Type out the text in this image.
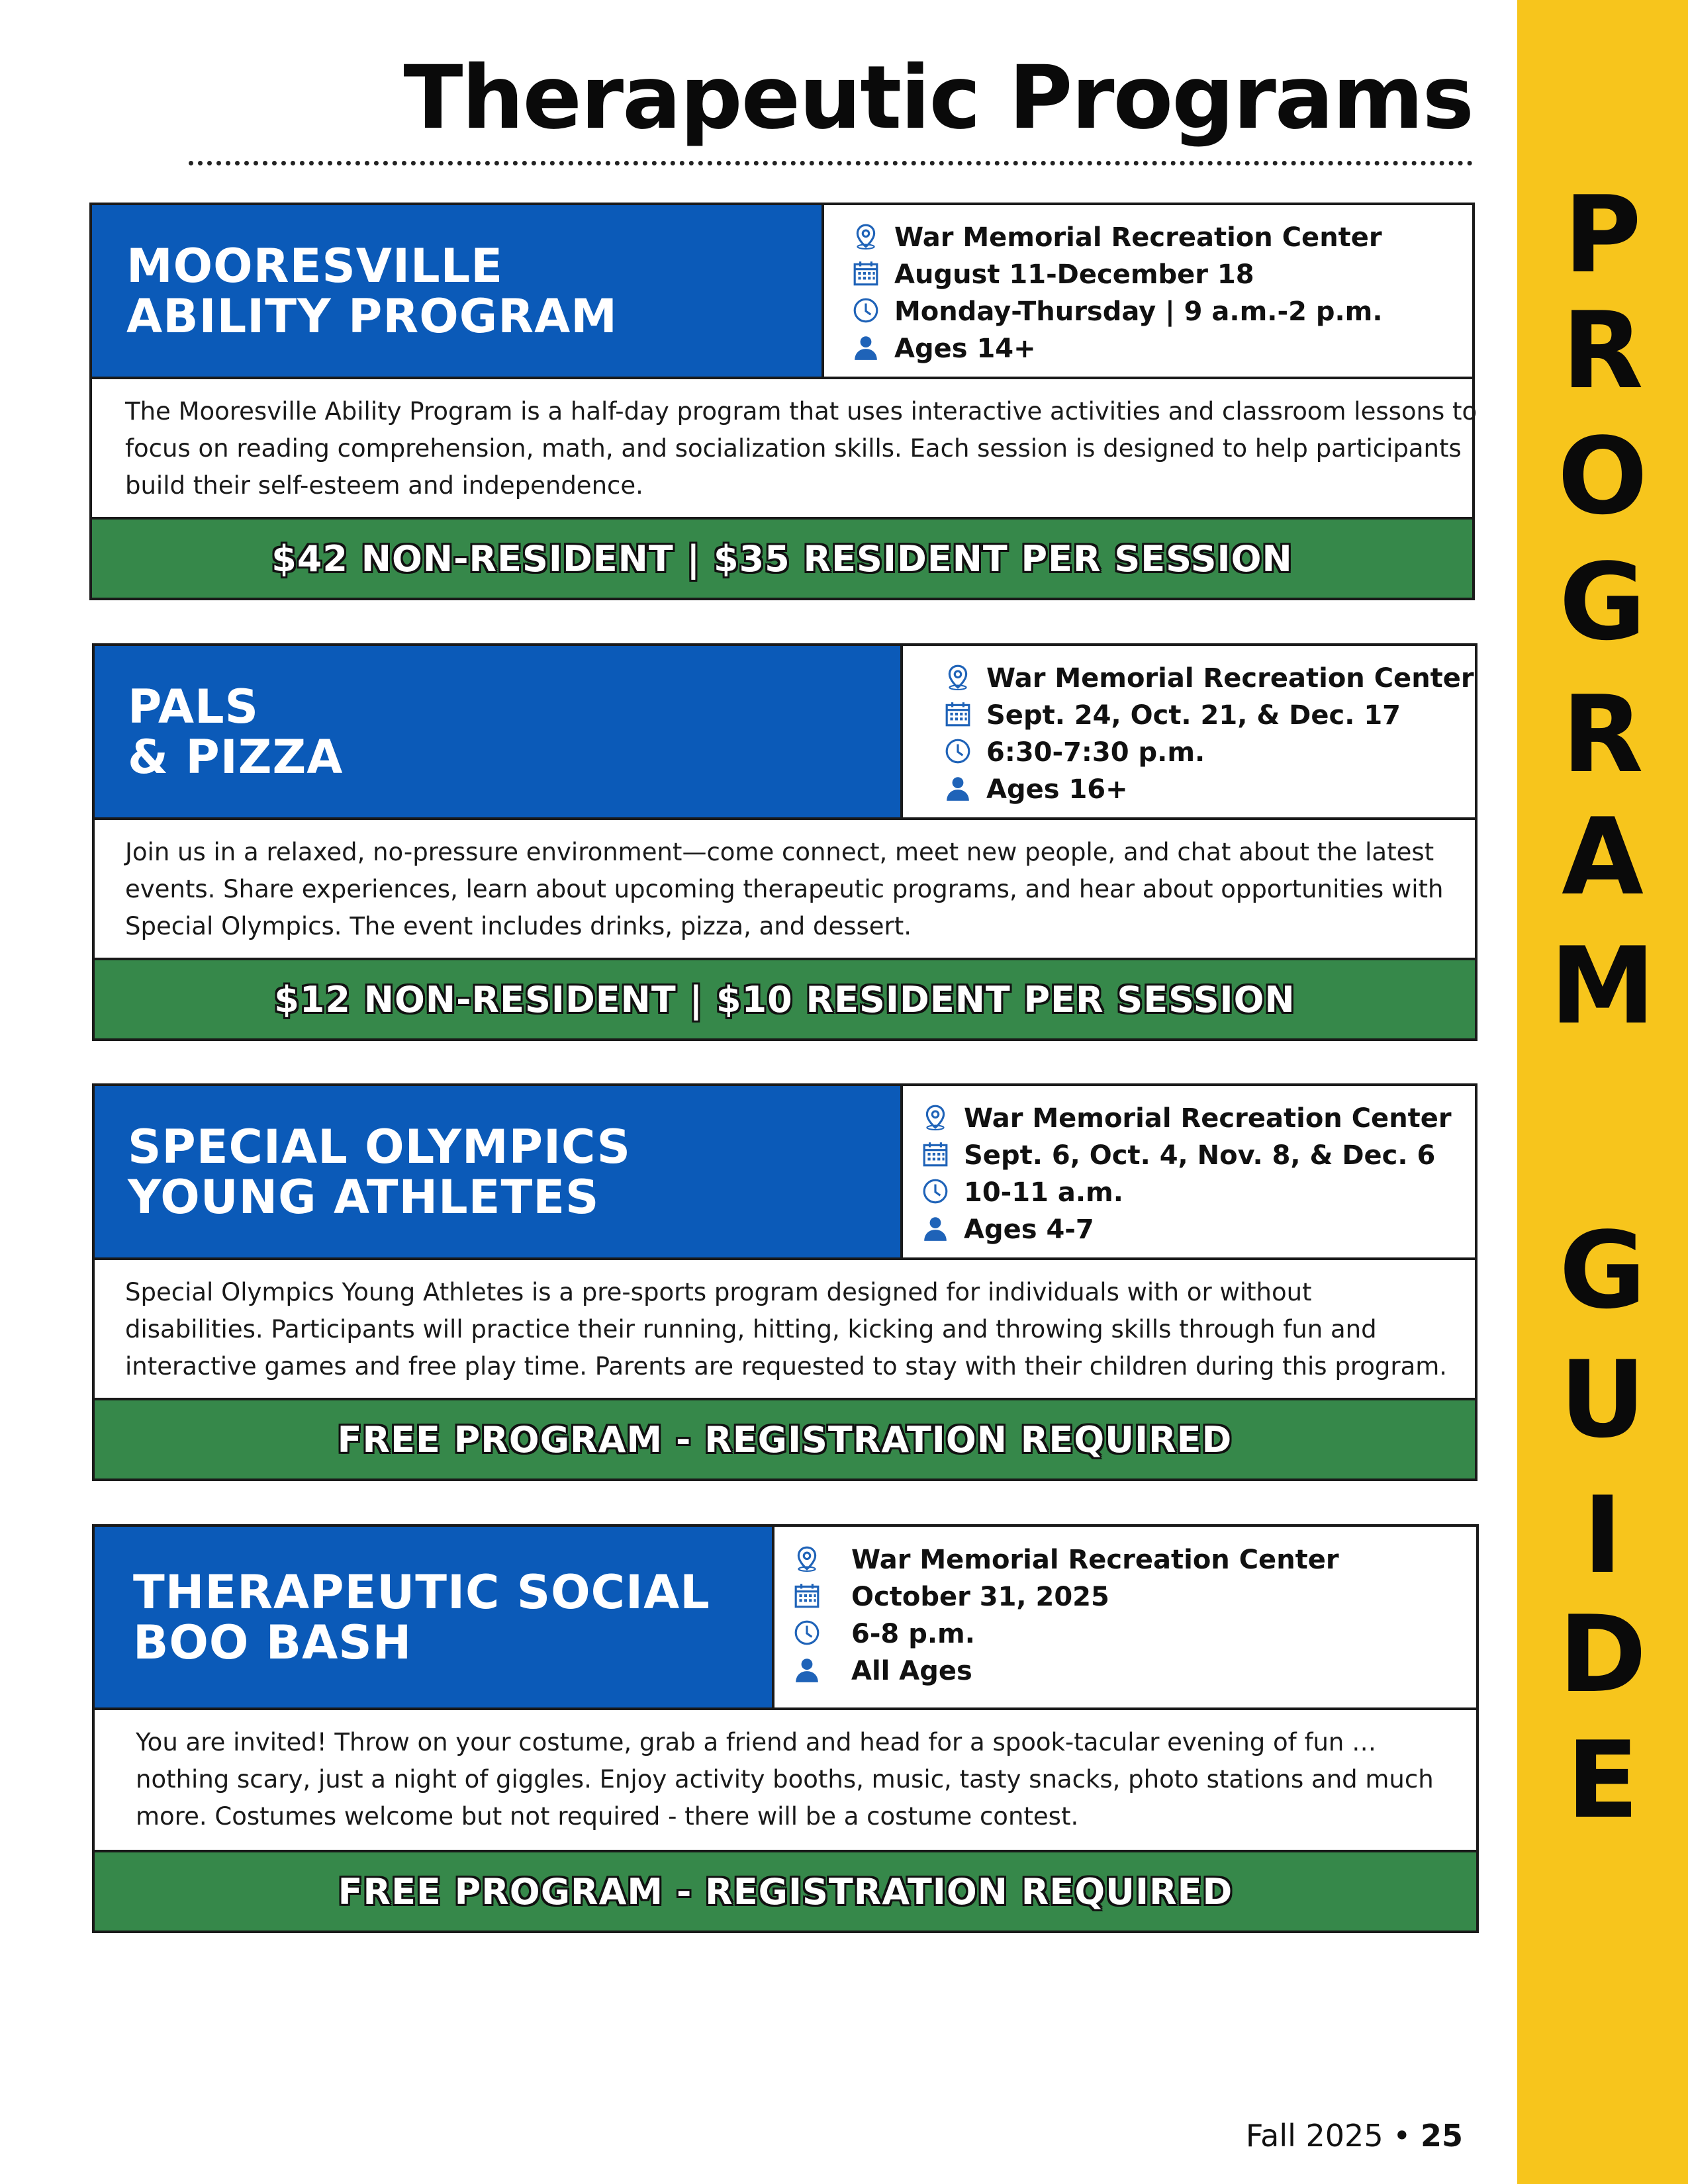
Therapeutic Programs
P
R
O
G
R
A
M
G
U
I
D
E
MOORESVILLE
ABILITY PROGRAM
War Memorial Recreation Center
August 11-December 18
Monday-Thursday | 9 a.m.-2 p.m.
Ages 14+

The Mooresville Ability Program is a half-day program that uses interactive activities and classroom lessons to
focus on reading comprehension, math, and socialization skills. Each session is designed to help participants
build their self-esteem and independence.

$42 NON-RESIDENT | $35 RESIDENT PER SESSION
PALS
& PIZZA
War Memorial Recreation Center
Sept. 24, Oct. 21, & Dec. 17
6:30-7:30 p.m.
Ages 16+

Join us in a relaxed, no-pressure environment—come connect, meet new people, and chat about the latest
events. Share experiences, learn about upcoming therapeutic programs, and hear about opportunities with
Special Olympics. The event includes drinks, pizza, and dessert.

$12 NON-RESIDENT | $10 RESIDENT PER SESSION
SPECIAL OLYMPICS
YOUNG ATHLETES
War Memorial Recreation Center
Sept. 6, Oct. 4, Nov. 8, & Dec. 6
10-11 a.m.
Ages 4-7

Special Olympics Young Athletes is a pre-sports program designed for individuals with or without
disabilities. Participants will practice their running, hitting, kicking and throwing skills through fun and
interactive games and free play time. Parents are requested to stay with their children during this program.

FREE PROGRAM - REGISTRATION REQUIRED
THERAPEUTIC SOCIAL
BOO BASH
War Memorial Recreation Center
October 31, 2025
6-8 p.m.
All Ages

You are invited! Throw on your costume, grab a friend and head for a spook-tacular evening of fun …
nothing scary, just a night of giggles. Enjoy activity booths, music, tasty snacks, photo stations and much
more. Costumes welcome but not required - there will be a costume contest.

FREE PROGRAM - REGISTRATION REQUIRED
Fall 2025 • 25
